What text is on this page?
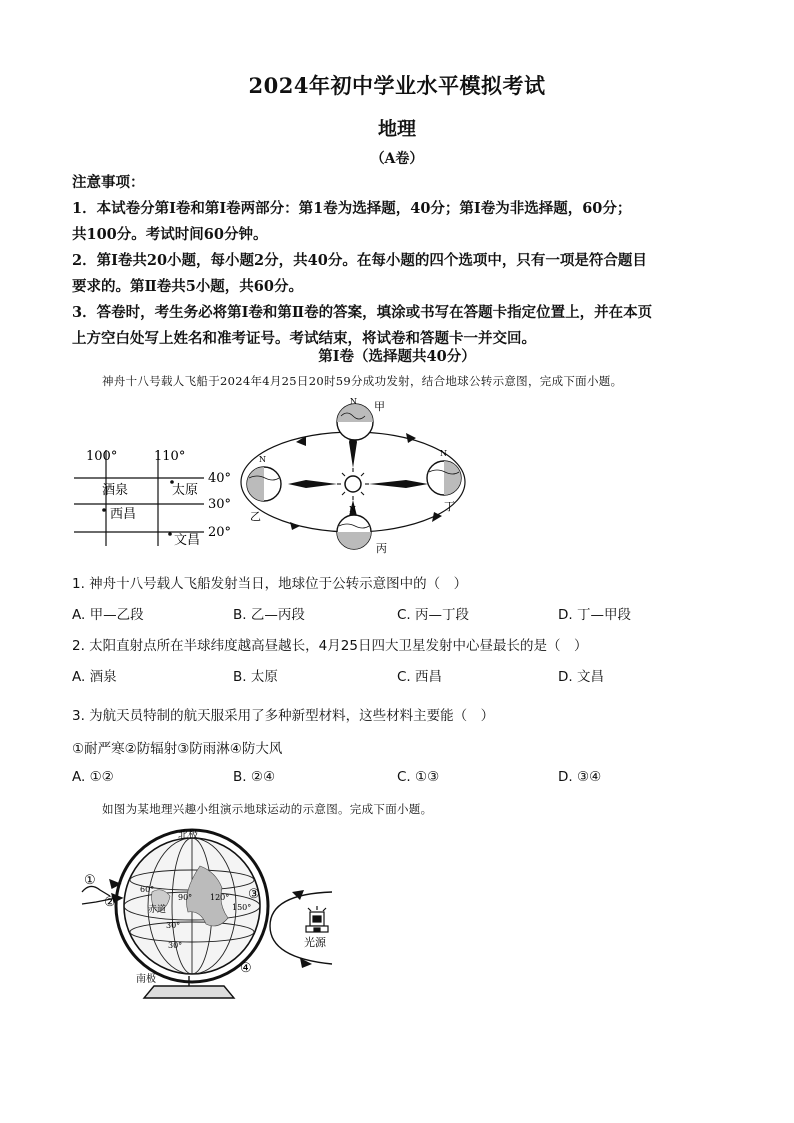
2024年初中学业水平模拟考试
地理
（A卷）
注意事项：
1．本试卷分第Ⅰ卷和第Ⅰ卷两部分：第1卷为选择题，40分；第Ⅰ卷为非选择题，60分；
共100分。考试时间60分钟。
2．第Ⅰ卷共20小题，每小题2分，共40分。在每小题的四个选项中，只有一项是符合题目
要求的。第Ⅱ卷共5小题，共60分。
3．答卷时，考生务必将第Ⅰ卷和第Ⅱ卷的答案，填涂或书写在答题卡指定位置上，并在本页
上方空白处写上姓名和准考证号。考试结束，将试卷和答题卡一并交回。
第Ⅰ卷（选择题共40分）
神舟十八号载人飞船于2024年4月25日20时59分成功发射，结合地球公转示意图，完成下面小题。
100°	110°
40°
30°
20°
酒泉	太原
西昌
文昌
甲
N
乙
N
丙
N	丁
N
1. 神舟十八号载人飞船发射当日，地球位于公转示意图中的（　）
A. 甲—乙段	B. 乙—丙段	C. 丙—丁段	D. 丁—甲段
2. 太阳直射点所在半球纬度越高昼越长，4月25日四大卫星发射中心昼最长的是（　）
A. 酒泉	B. 太原	C. 西昌	D. 文昌
3. 为航天员特制的航天服采用了多种新型材料，这些材料主要能（　）
①耐严寒②防辐射③防雨淋④防大风
A. ①②	B. ②④	C. ①③	D. ③④
如图为某地理兴趣小组演示地球运动的示意图。完成下面小题。
北极
南极
赤道
60°
90° 120°
150°
30°
30°
①
②
③
④
光源
